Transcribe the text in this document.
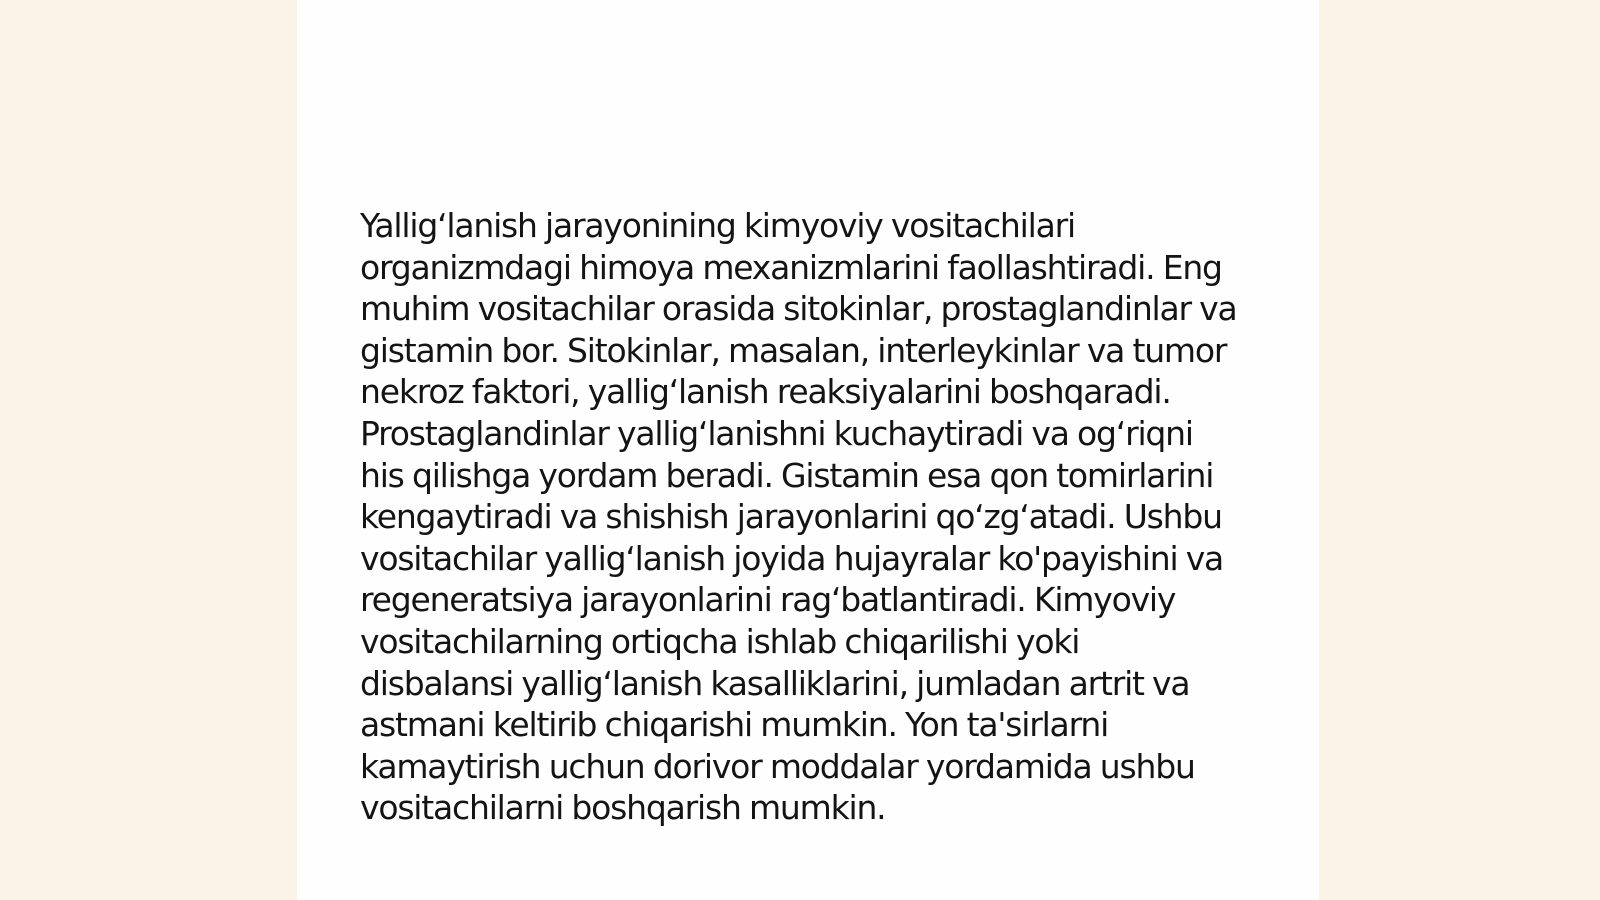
Yallig‘lanish jarayonining kimyoviy vositachilari organizmdagi himoya mexanizmlarini faollashtiradi. Eng muhim vositachilar orasida sitokinlar, prostaglandinlar va gistamin bor. Sitokinlar, masalan, interleykinlar va tumor nekroz faktori, yallig‘lanish reaksiyalarini boshqaradi. Prostaglandinlar yallig‘lanishni kuchaytiradi va og‘riqni his qilishga yordam beradi. Gistamin esa qon tomirlarini kengaytiradi va shishish jarayonlarini qo‘zg‘atadi. Ushbu vositachilar yallig‘lanish joyida hujayralar ko'payishini va regeneratsiya jarayonlarini rag‘batlantiradi. Kimyoviy vositachilarning ortiqcha ishlab chiqarilishi yoki disbalansi yallig‘lanish kasalliklarini, jumladan artrit va astmani keltirib chiqarishi mumkin. Yon ta'sirlarni kamaytirish uchun dorivor moddalar yordamida ushbu vositachilarni boshqarish mumkin.
